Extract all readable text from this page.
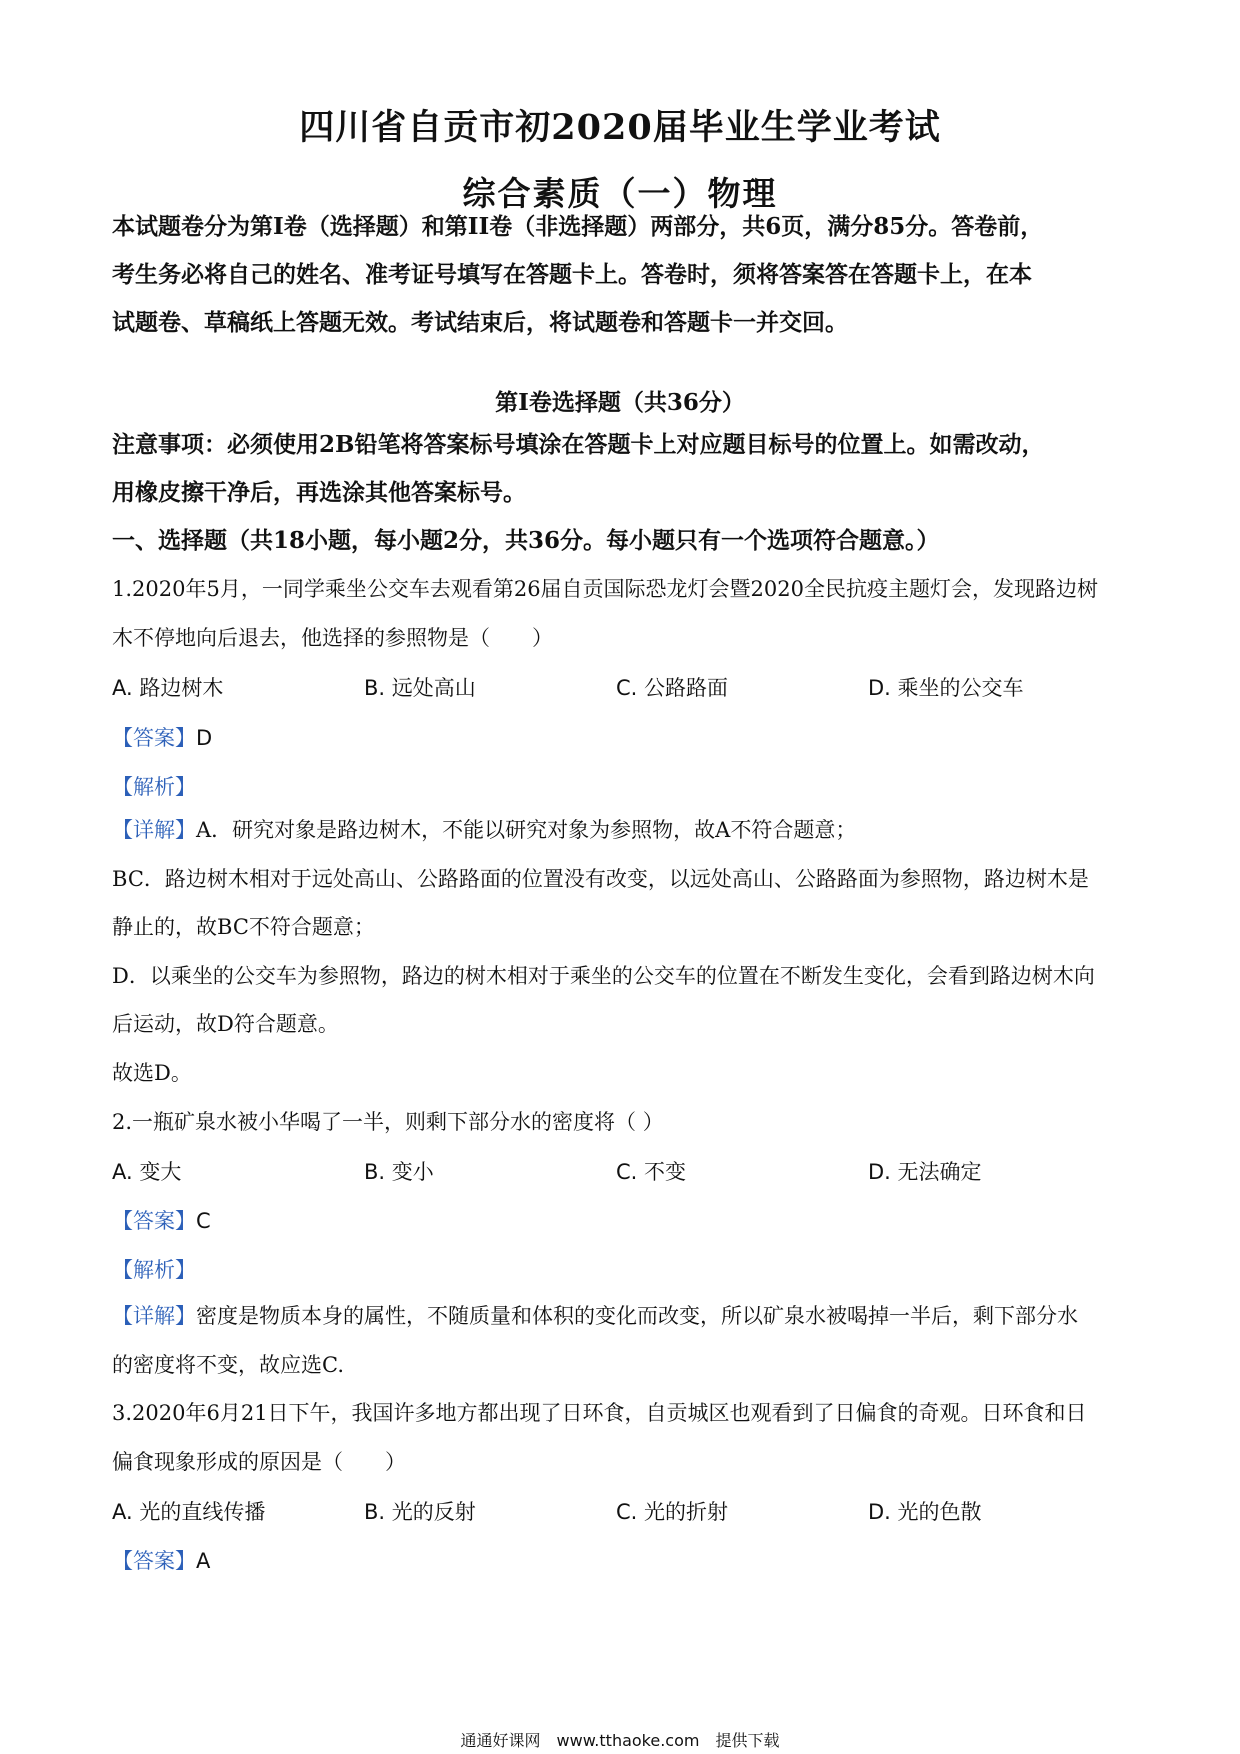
四川省自贡市初2020届毕业生学业考试
综合素质（一）物理
本试题卷分为第I卷（选择题）和第II卷（非选择题）两部分，共6页，满分85分。答卷前，
考生务必将自己的姓名、准考证号填写在答题卡上。答卷时，须将答案答在答题卡上，在本
试题卷、草稿纸上答题无效。考试结束后，将试题卷和答题卡一并交回。
第I卷选择题（共36分）
注意事项：必须使用2B铅笔将答案标号填涂在答题卡上对应题目标号的位置上。如需改动，
用橡皮擦干净后，再选涂其他答案标号。
一、选择题（共18小题，每小题2分，共36分。每小题只有一个选项符合题意。）
1.2020年5月，一同学乘坐公交车去观看第26届自贡国际恐龙灯会暨2020全民抗疫主题灯会，发现路边树
木不停地向后退去，他选择的参照物是（　　）
A. 路边树木	B. 远处高山	C. 公路路面	D. 乘坐的公交车
【答案】D
【解析】
【详解】A．研究对象是路边树木，不能以研究对象为参照物，故A不符合题意；
BC．路边树木相对于远处高山、公路路面的位置没有改变，以远处高山、公路路面为参照物，路边树木是
静止的，故BC不符合题意；
D．以乘坐的公交车为参照物，路边的树木相对于乘坐的公交车的位置在不断发生变化，会看到路边树木向
后运动，故D符合题意。
故选D。
2.一瓶矿泉水被小华喝了一半，则剩下部分水的密度将（ ）
A. 变大	B. 变小	C. 不变	D. 无法确定
【答案】C
【解析】
【详解】密度是物质本身的属性，不随质量和体积的变化而改变，所以矿泉水被喝掉一半后，剩下部分水
的密度将不变，故应选C.
3.2020年6月21日下午，我国许多地方都出现了日环食，自贡城区也观看到了日偏食的奇观。日环食和日
偏食现象形成的原因是（　　）
A. 光的直线传播	B. 光的反射	C. 光的折射	D. 光的色散
【答案】A
通通好课网 www.tthaoke.com 提供下载
